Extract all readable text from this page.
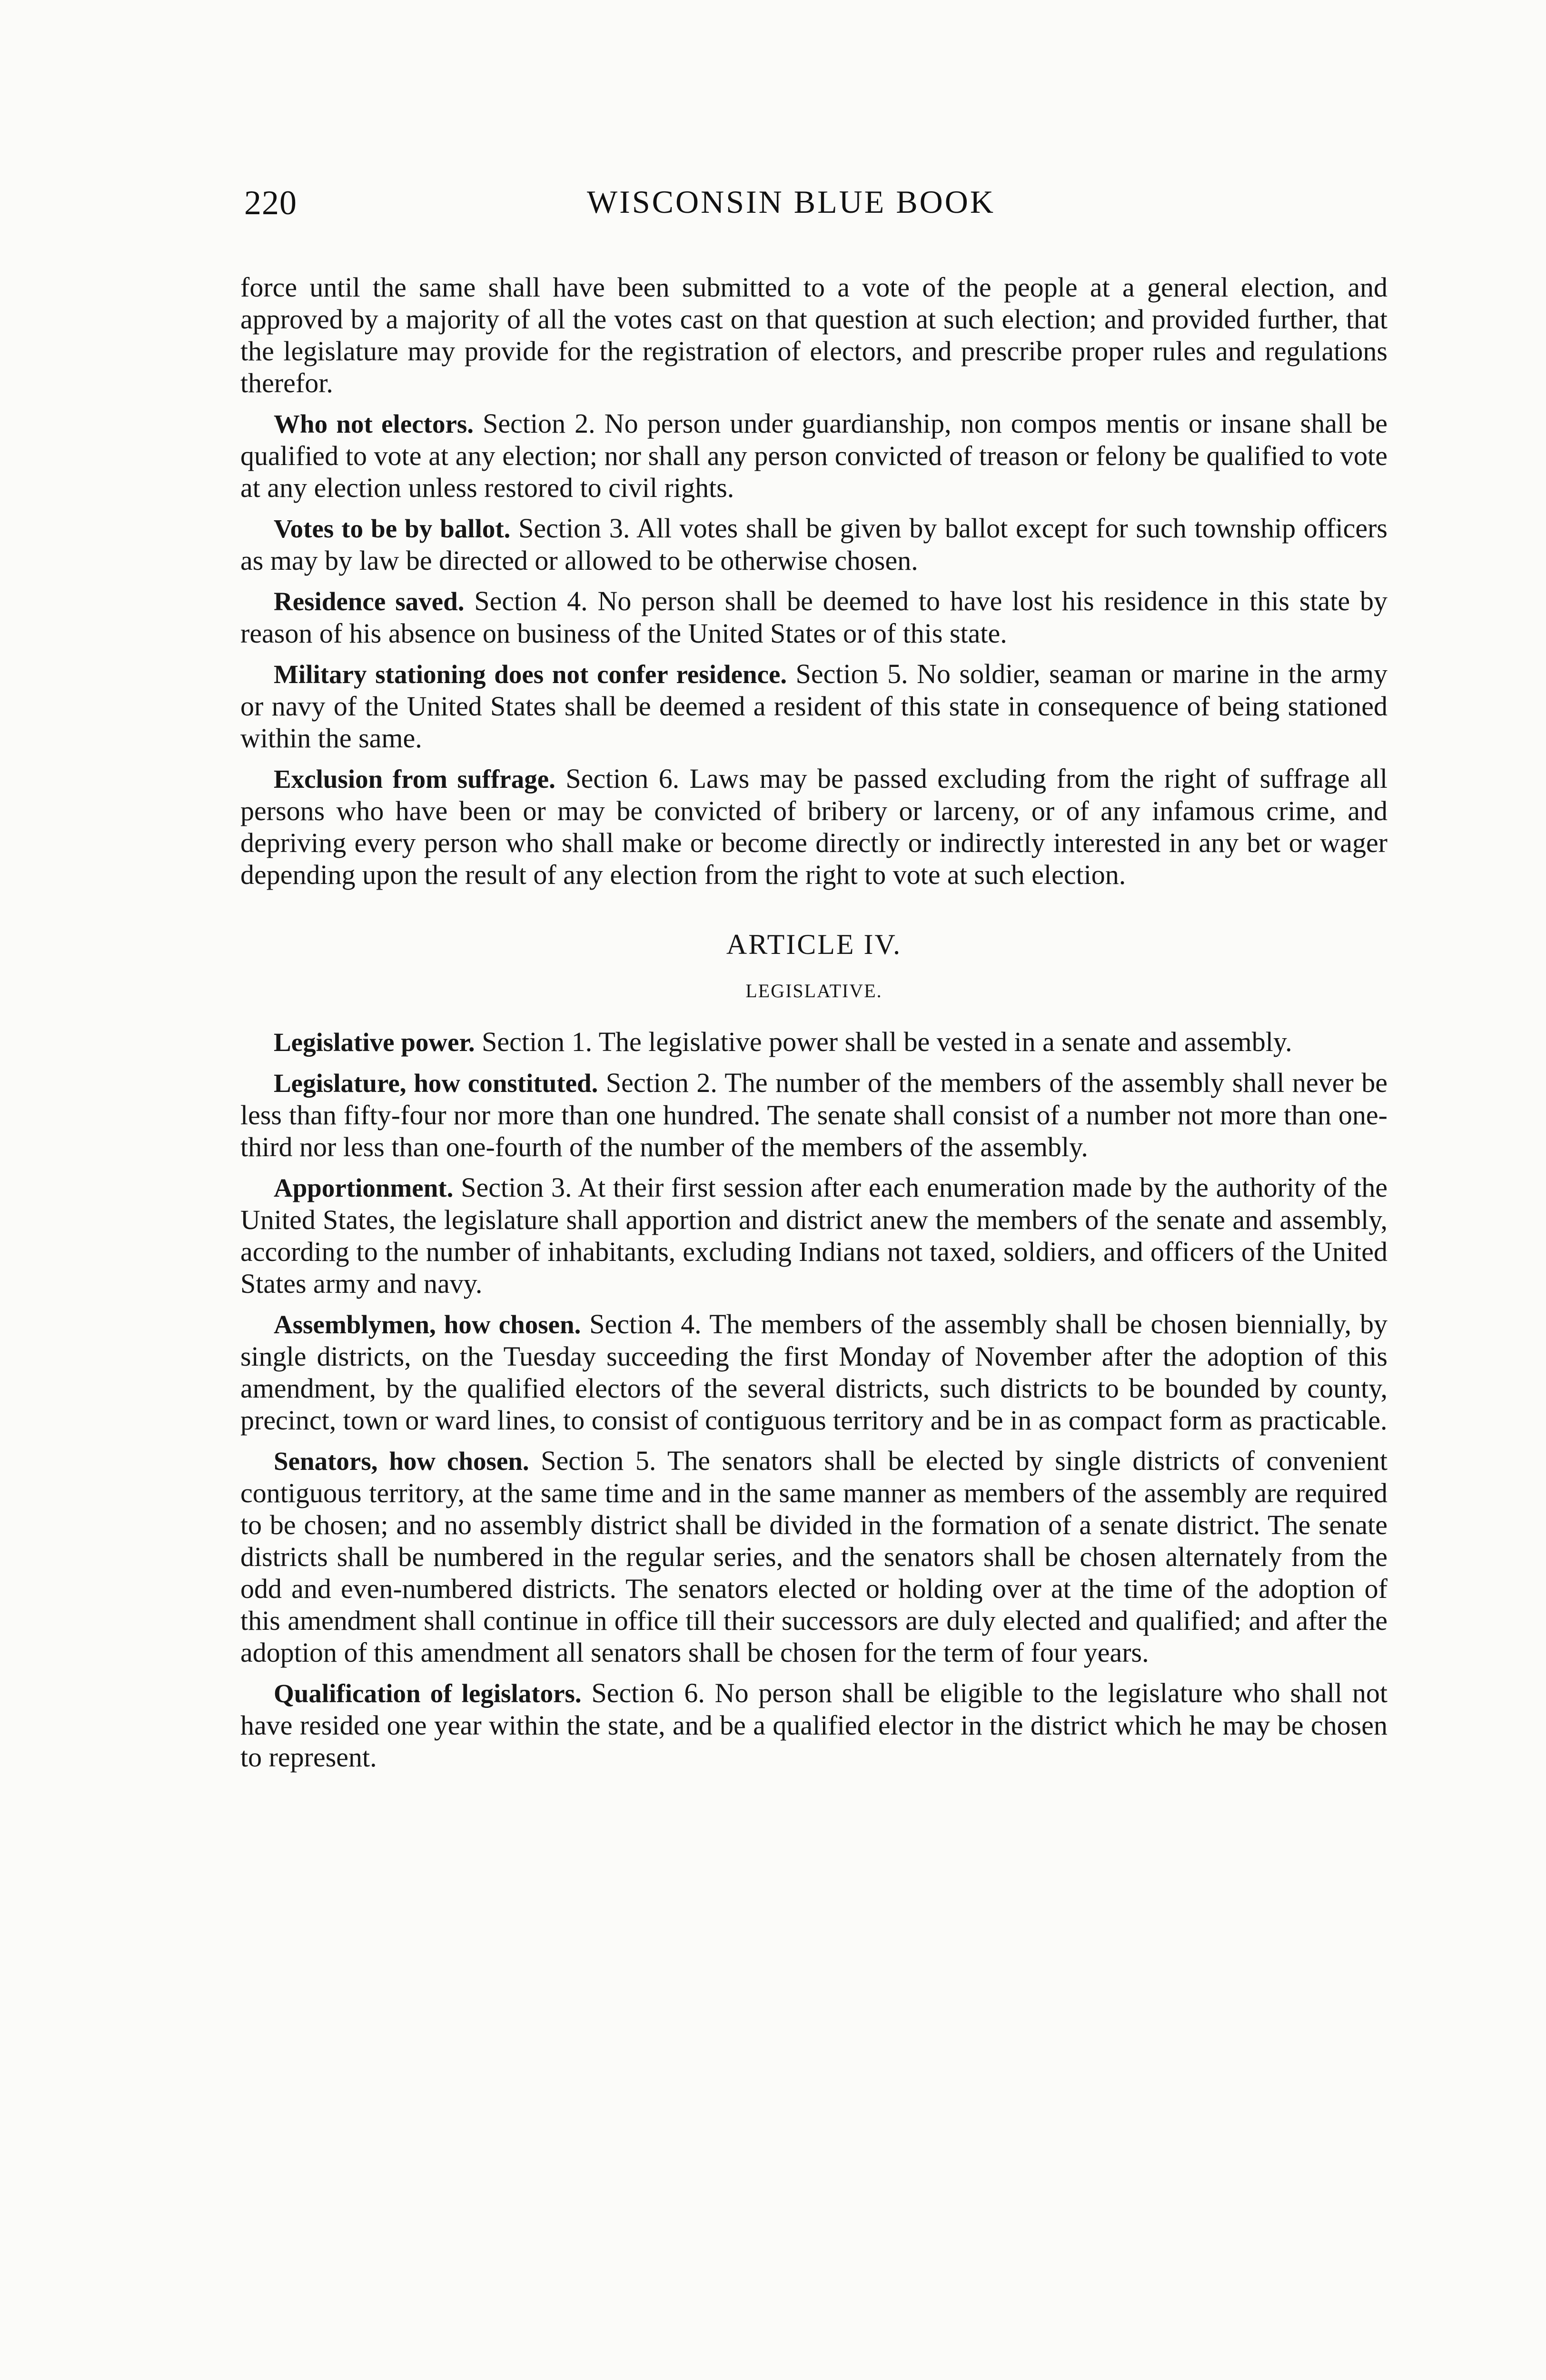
220	WISCONSIN BLUE BOOK

force until the same shall have been submitted to a vote of the people at a general election, and approved by a majority of all the votes cast on that question at such election; and provided further, that the legislature may provide for the registration of electors, and prescribe proper rules and regulations therefor.

Who not electors. Section 2. No person under guardianship, non compos mentis or insane shall be qualified to vote at any election; nor shall any person convicted of treason or felony be qualified to vote at any election unless restored to civil rights.

Votes to be by ballot. Section 3. All votes shall be given by ballot except for such township officers as may by law be directed or allowed to be otherwise chosen.

Residence saved. Section 4. No person shall be deemed to have lost his residence in this state by reason of his absence on business of the United States or of this state.

Military stationing does not confer residence. Section 5. No soldier, seaman or marine in the army or navy of the United States shall be deemed a resident of this state in consequence of being stationed within the same.

Exclusion from suffrage. Section 6. Laws may be passed excluding from the right of suffrage all persons who have been or may be convicted of bribery or larceny, or of any infamous crime, and depriving every person who shall make or become directly or indirectly interested in any bet or wager depending upon the result of any election from the right to vote at such election.

ARTICLE IV.
LEGISLATIVE.

Legislative power. Section 1. The legislative power shall be vested in a senate and assembly.

Legislature, how constituted. Section 2. The number of the members of the assembly shall never be less than fifty-four nor more than one hundred. The senate shall consist of a number not more than one-third nor less than one-fourth of the number of the members of the assembly.

Apportionment. Section 3. At their first session after each enumeration made by the authority of the United States, the legislature shall apportion and district anew the members of the senate and assembly, according to the number of inhabitants, excluding Indians not taxed, soldiers, and officers of the United States army and navy.

Assemblymen, how chosen. Section 4. The members of the assembly shall be chosen biennially, by single districts, on the Tuesday succeeding the first Monday of November after the adoption of this amendment, by the qualified electors of the several districts, such districts to be bounded by county, precinct, town or ward lines, to consist of contiguous territory and be in as compact form as practicable.

Senators, how chosen. Section 5. The senators shall be elected by single districts of convenient contiguous territory, at the same time and in the same manner as members of the assembly are required to be chosen; and no assembly district shall be divided in the formation of a senate district. The senate districts shall be numbered in the regular series, and the senators shall be chosen alternately from the odd and even-numbered districts. The senators elected or holding over at the time of the adoption of this amendment shall continue in office till their successors are duly elected and qualified; and after the adoption of this amendment all senators shall be chosen for the term of four years.

Qualification of legislators. Section 6. No person shall be eligible to the legislature who shall not have resided one year within the state, and be a qualified elector in the district which he may be chosen to represent.
